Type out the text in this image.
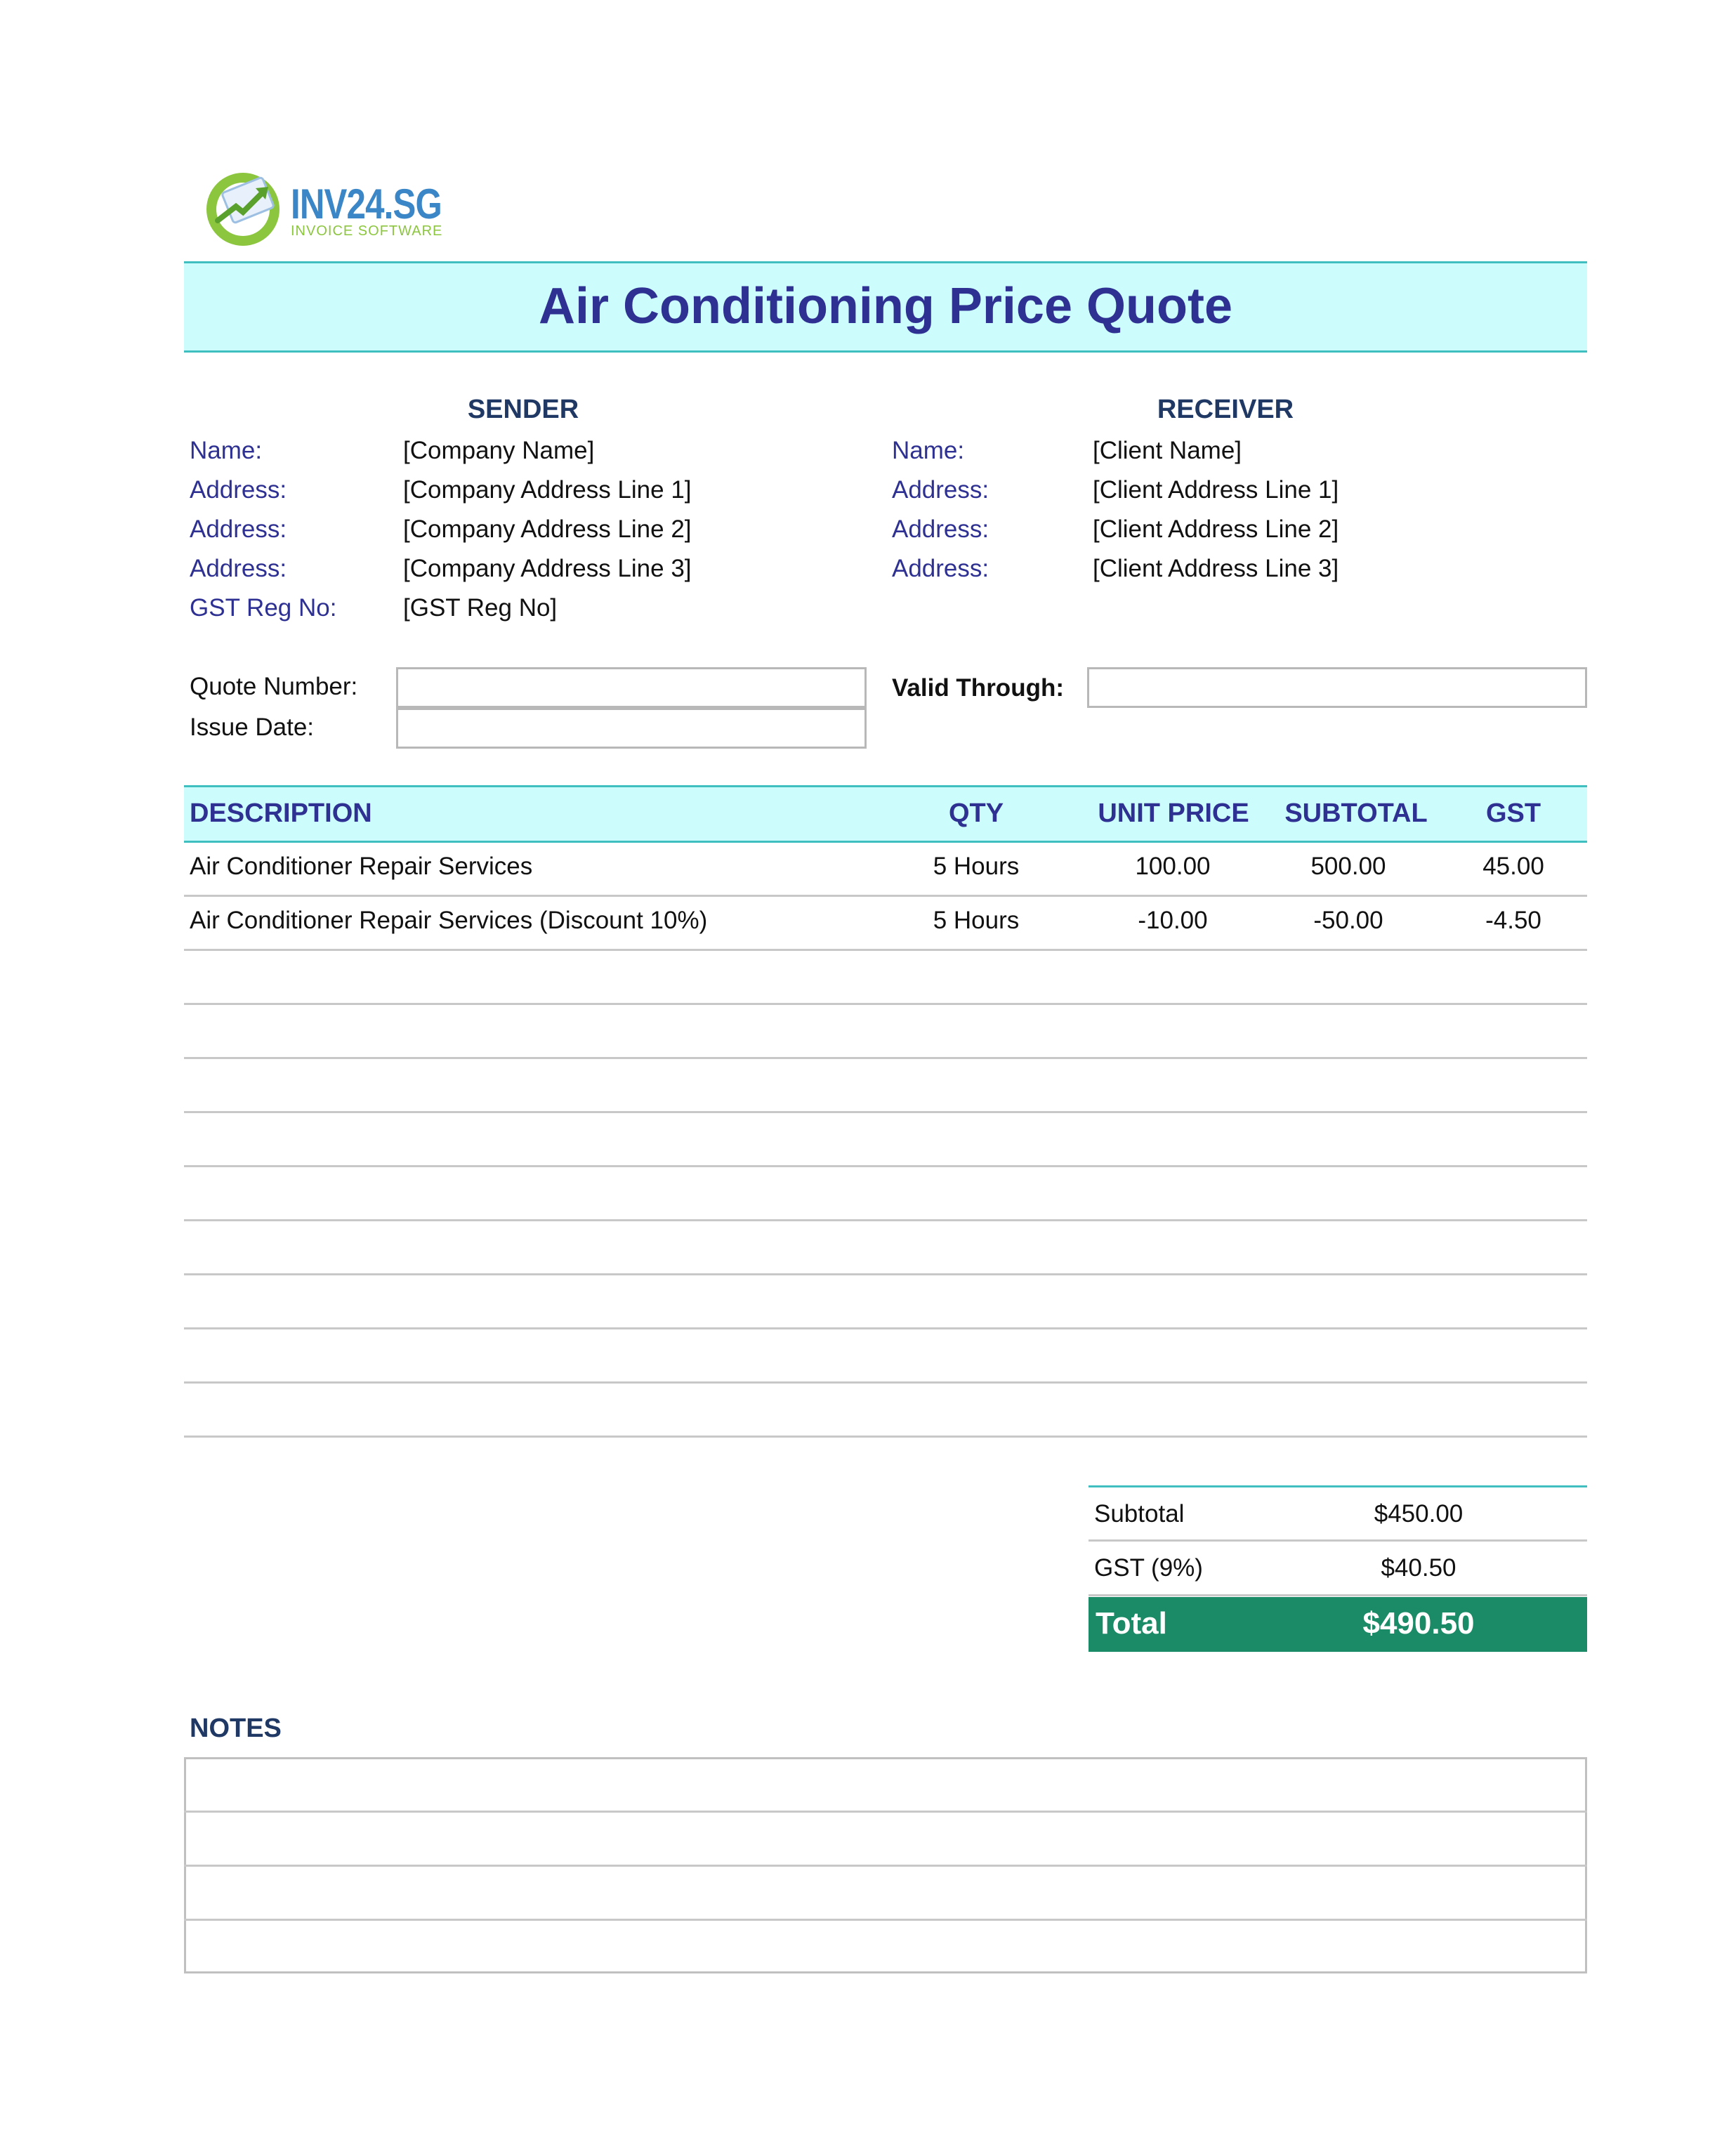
INV24.SG
INVOICE SOFTWARE
Air Conditioning Price Quote
SENDER
Name:	[Company Name]
Address:	[Company Address Line 1]
Address:	[Company Address Line 2]
Address:	[Company Address Line 3]
GST Reg No:	[GST Reg No]
RECEIVER
Name:	[Client Name]
Address:	[Client Address Line 1]
Address:	[Client Address Line 2]
Address:	[Client Address Line 3]
Quote Number:
Issue Date:
Valid Through:
DESCRIPTION	QTY	UNIT PRICE	SUBTOTAL	GST
Air Conditioner Repair Services	5 Hours	100.00	500.00	45.00
Air Conditioner Repair Services (Discount 10%)	5 Hours	-10.00	-50.00	-4.50
Subtotal	$450.00
GST (9%)	$40.50
Total	$490.50
NOTES
